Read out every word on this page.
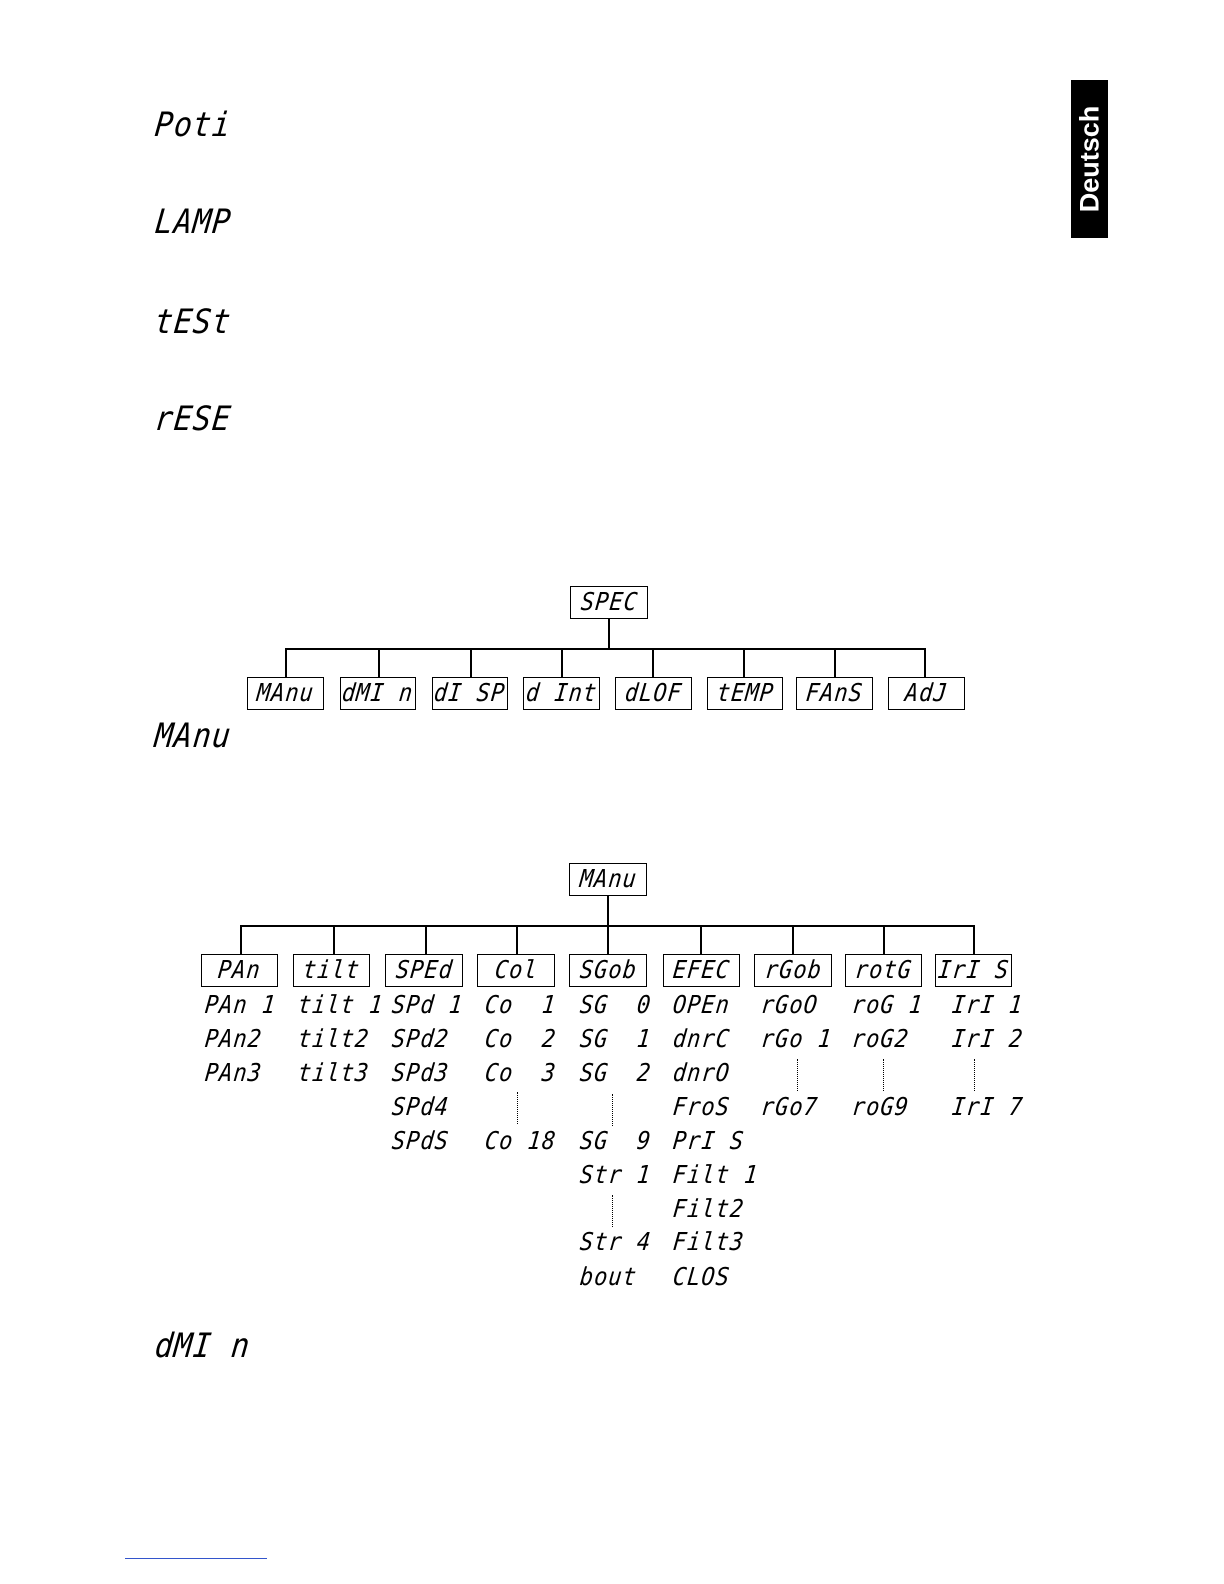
Deutsch
Poti
LAMP
tESt
rESE
MAnu
dMI n
SPEC
MAnu dMI n dI SP d Int dLOF tEMP FAnS AdJ
MAnu
PAn tilt SPEd Col SGob EFEC rGob rotG IrI S
PAn 1
PAn2
PAn3
tilt 1
tilt2
tilt3
SPd 1
SPd2
SPd3
SPd4
SPdS
Co  1
Co  2
Co  3
Co 18
SG  0
SG  1
SG  2
SG  9
Str 1
Str 4
bout
OPEn
dnrC
dnrO
FroS
PrI S
Filt 1
Filt2
Filt3
CLOS
rGoO
rGo 1
rGo7
roG 1
roG2
roG9
IrI 1
IrI 2
IrI 7
